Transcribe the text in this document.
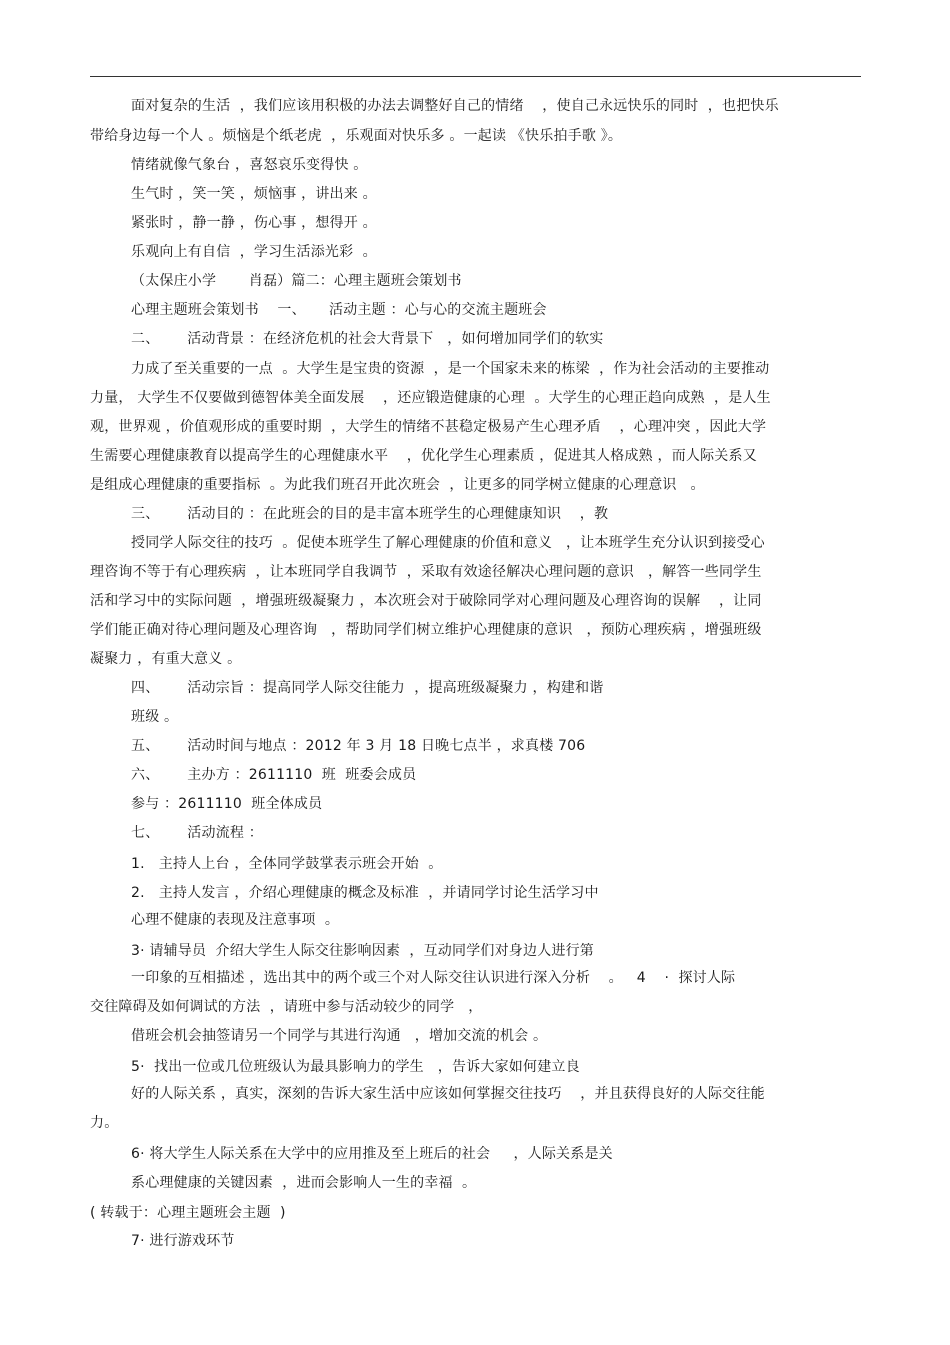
面对复杂的生活  ，我们应该用积极的办法去调整好自己的情绪    ，使自己永远快乐的同时  ，也把快乐
带给身边每一个人 。烦恼是个纸老虎  ，乐观面对快乐多 。一起读 《快乐拍手歌 》。
情绪就像气象台 ，喜怒哀乐变得快 。
生气时 ，笑一笑 ，烦恼事 ，讲出来 。
紧张时 ，静一静 ，伤心事 ，想得开 。
乐观向上有自信  ，学习生活添光彩  。
（太保庄小学       肖磊）篇二：心理主题班会策划书
心理主题班会策划书    一、     活动主题 ：心与心的交流主题班会
二、      活动背景 ：在经济危机的社会大背景下   ，如何增加同学们的软实
力成了至关重要的一点  。大学生是宝贵的资源  ，是一个国家未来的栋梁  ，作为社会活动的主要推动
力量， 大学生不仅要做到德智体美全面发展    ，还应锻造健康的心理  。大学生的心理正趋向成熟  ，是人生
观，世界观 ，价值观形成的重要时期  ，大学生的情绪不甚稳定极易产生心理矛盾    ，心理冲突 ，因此大学
生需要心理健康教育以提高学生的心理健康水平    ，优化学生心理素质 ，促进其人格成熟 ，而人际关系又
是组成心理健康的重要指标  。为此我们班召开此次班会  ，让更多的同学树立健康的心理意识   。
三、      活动目的 ：在此班会的目的是丰富本班学生的心理健康知识    ，教
授同学人际交往的技巧  。促使本班学生了解心理健康的价值和意义   ，让本班学生充分认识到接受心
理咨询不等于有心理疾病  ，让本班同学自我调节  ，采取有效途径解决心理问题的意识   ，解答一些同学生
活和学习中的实际问题  ，增强班级凝聚力 ，本次班会对于破除同学对心理问题及心理咨询的误解    ，让同
学们能正确对待心理问题及心理咨询   ，帮助同学们树立维护心理健康的意识   ，预防心理疾病 ，增强班级
凝聚力 ，有重大意义 。
四、      活动宗旨 ：提高同学人际交往能力  ，提高班级凝聚力 ，构建和谐
班级 。
五、      活动时间与地点 ：2012 年 3 月 18 日晚七点半 ，求真楼 706
六、      主办方 ：2611110  班  班委会成员
参与 ：2611110  班全体成员
七、      活动流程 ：
1.   主持人上台 ，全体同学鼓掌表示班会开始  。
2.   主持人发言 ，介绍心理健康的概念及标准  ，并请同学讨论生活学习中
心理不健康的表现及注意事项  。
3· 请辅导员  介绍大学生人际交往影响因素  ，互动同学们对身边人进行第
一印象的互相描述 ，选出其中的两个或三个对人际交往认识进行深入分析    。   4    ·  探讨人际
交往障碍及如何调试的方法  ，请班中参与活动较少的同学   ，
借班会机会抽签请另一个同学与其进行沟通   ，增加交流的机会 。
5·  找出一位或几位班级认为最具影响力的学生   ，告诉大家如何建立良
好的人际关系 ，真实，深刻的告诉大家生活中应该如何掌握交往技巧    ，并且获得良好的人际交往能
力。
6· 将大学生人际关系在大学中的应用推及至上班后的社会     ，人际关系是关
系心理健康的关键因素  ，进而会影响人一生的幸福  。
( 转载于：心理主题班会主题  )
7· 进行游戏环节
